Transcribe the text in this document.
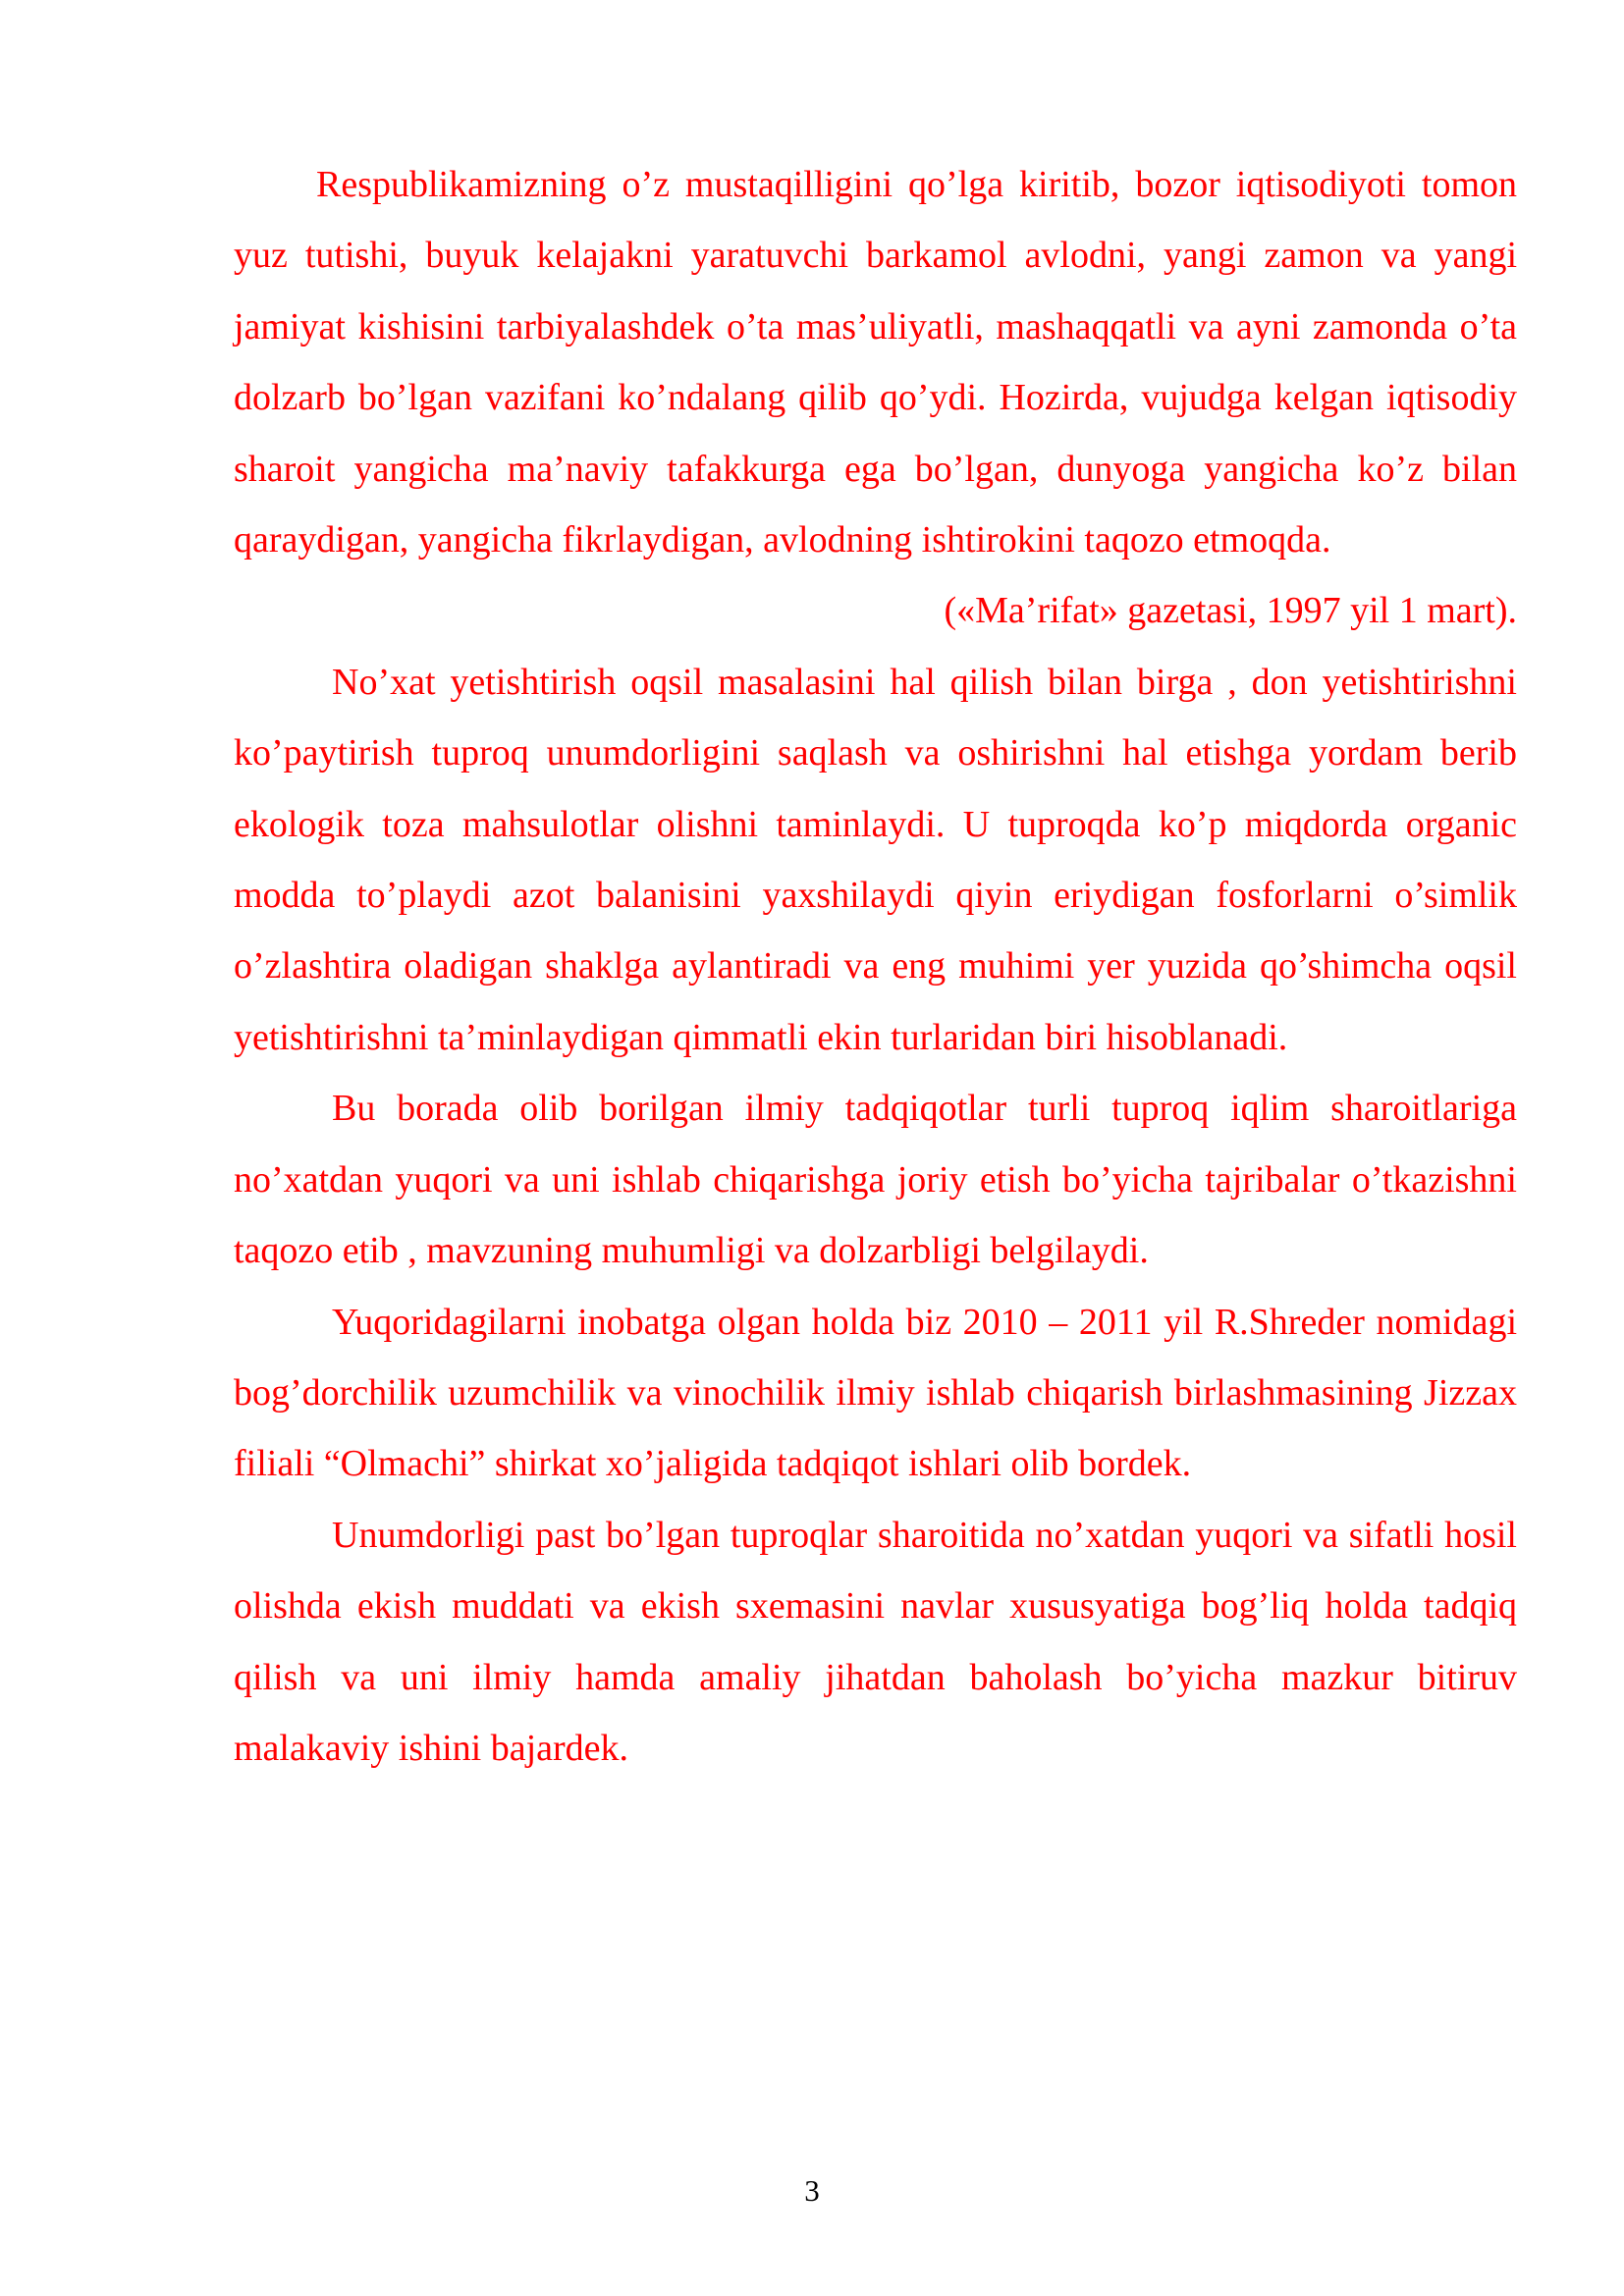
Respublikamizning o’z mustaqilligini qo’lga kiritib, bozor iqtisodiyoti tomon yuz tutishi, buyuk kelajakni yaratuvchi barkamol avlodni, yangi zamon va yangi jamiyat kishisini tarbiyalashdek o’ta mas’uliyatli, mashaqqatli va ayni zamonda o’ta dolzarb bo’lgan vazifani ko’ndalang qilib qo’ydi. Hozirda, vujudga kelgan iqtisodiy sharoit yangicha ma’naviy tafakkurga ega bo’lgan, dunyoga yangicha ko’z bilan qaraydigan, yangicha fikrlaydigan, avlodning ishtirokini taqozo etmoqda.

(«Ma’rifat» gazetasi, 1997 yil 1 mart).

No’xat yetishtirish oqsil masalasini hal qilish bilan birga , don yetishtirishni ko’paytirish tuproq unumdorligini saqlash va oshirishni hal etishga yordam berib ekologik toza mahsulotlar olishni taminlaydi. U tuproqda ko’p miqdorda organic modda to’playdi azot balanisini yaxshilaydi qiyin eriydigan fosforlarni o’simlik o’zlashtira oladigan shaklga aylantiradi va eng muhimi yer yuzida qo’shimcha oqsil yetishtirishni ta’minlaydigan qimmatli ekin turlaridan biri hisoblanadi.

Bu borada olib borilgan ilmiy tadqiqotlar turli tuproq iqlim sharoitlariga no’xatdan yuqori va uni ishlab chiqarishga joriy etish bo’yicha tajribalar o’tkazishni taqozo etib , mavzuning muhumligi va dolzarbligi belgilaydi.

Yuqoridagilarni inobatga olgan holda biz 2010 – 2011 yil R.Shreder nomidagi bog’dorchilik uzumchilik va vinochilik ilmiy ishlab chiqarish birlashmasining Jizzax filiali “Olmachi” shirkat xo’jaligida tadqiqot ishlari olib bordek.

Unumdorligi past bo’lgan tuproqlar sharoitida no’xatdan yuqori va sifatli hosil olishda ekish muddati va ekish sxemasini navlar xususyatiga bog’liq holda tadqiq qilish va uni ilmiy hamda amaliy jihatdan baholash bo’yicha mazkur bitiruv malakaviy ishini bajardek.

3
